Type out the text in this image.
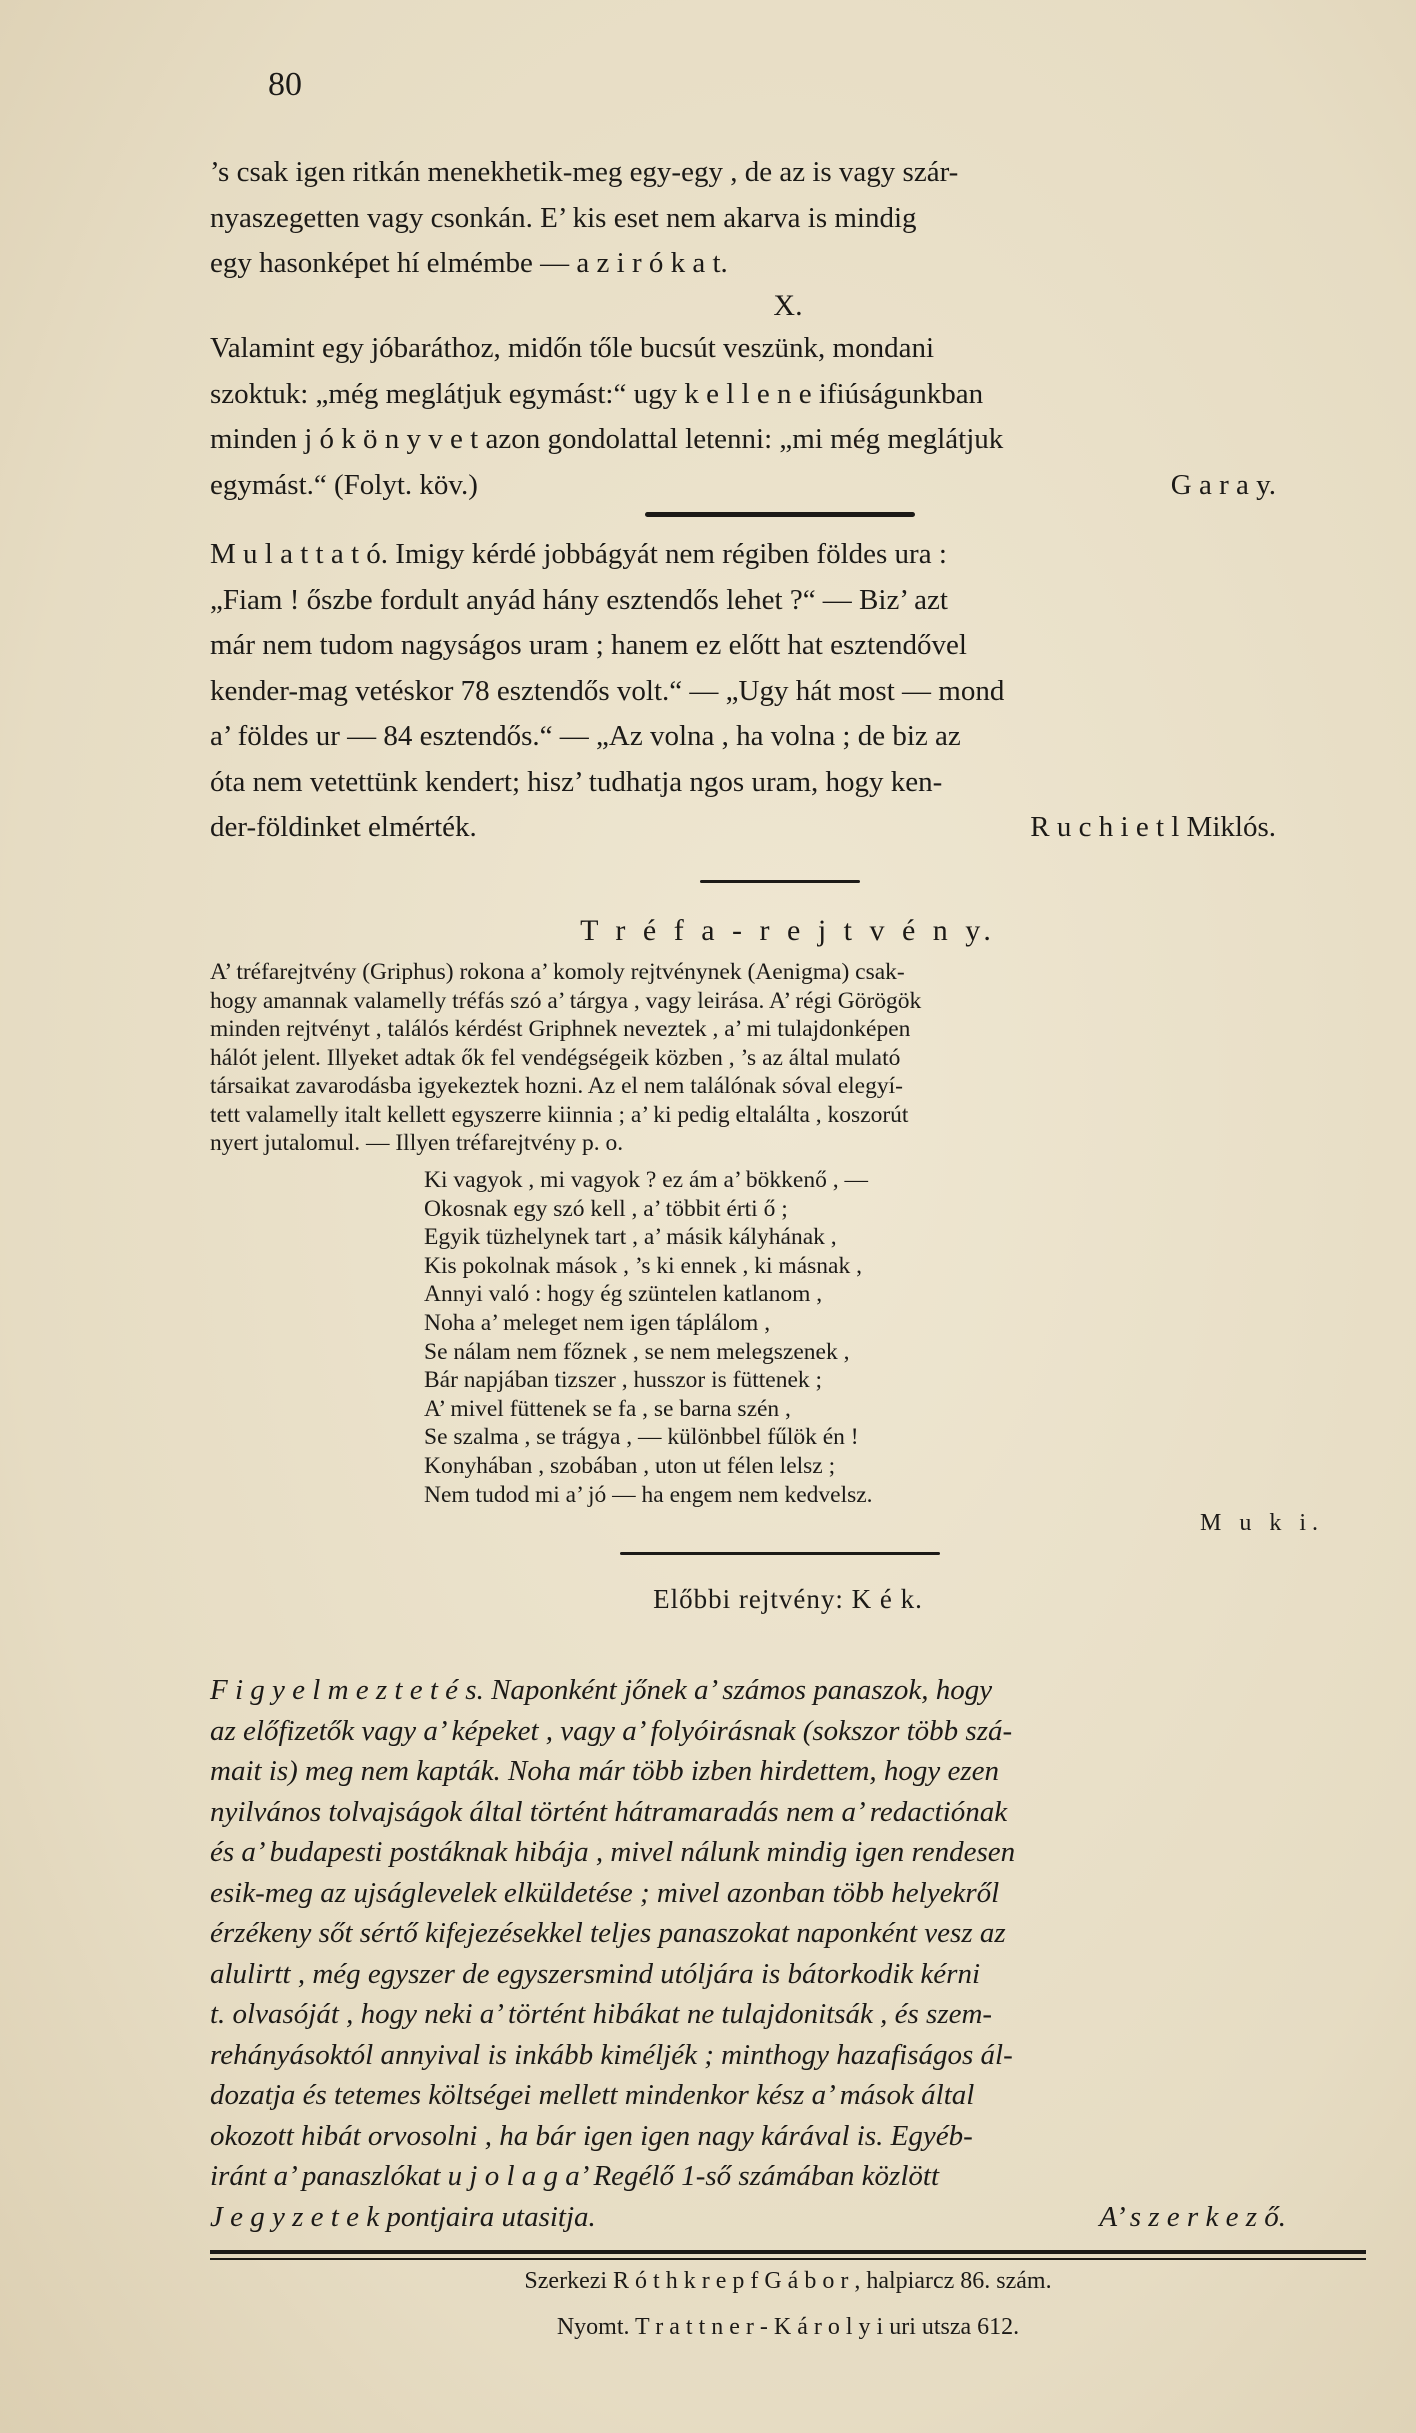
80

’s csak igen ritkán menekhetik-meg egy-egy , de az is vagy szár-

nyaszegetten vagy csonkán. E’ kis eset nem akarva is mindig

egy hasonképet hí elmémbe — a z i r ó k a t.

X.

Valamint egy jóbaráthoz, midőn tőle bucsút veszünk, mondani

szoktuk: „még meglátjuk egymást:“ ugy k e l l e n e ifiúságunkban

minden j ó k ö n y v e t azon gondolattal letenni: „mi még meglátjuk

egymást.“ (Folyt. köv.)	G a r a y.

M u l a t t a t ó. Imigy kérdé jobbágyát nem régiben földes ura :

„Fiam ! őszbe fordult anyád hány esztendős lehet ?“ — Biz’ azt

már nem tudom nagyságos uram ; hanem ez előtt hat esztendővel

kender-mag vetéskor 78 esztendős volt.“ — „Ugy hát most — mond

a’ földes ur — 84 esztendős.“ — „Az volna , ha volna ; de biz az

óta nem vetettünk kendert; hisz’ tudhatja ngos uram, hogy ken-

der-földinket elmérték.	R u c h i e t l Miklós.

T r é f a - r e j t v é n y.

A’ tréfarejtvény (Griphus) rokona a’ komoly rejtvénynek (Aenigma) csak-

hogy amannak valamelly tréfás szó a’ tárgya , vagy leirása. A’ régi Görögök

minden rejtvényt , találós kérdést Griphnek neveztek , a’ mi tulajdonképen

hálót jelent. Illyeket adtak ők fel vendégségeik közben , ’s az által mulató

társaikat zavarodásba igyekeztek hozni. Az el nem találónak sóval elegyí-

tett valamelly italt kellett egyszerre kiinnia ; a’ ki pedig eltalálta , koszorút

nyert jutalomul. — Illyen tréfarejtvény p. o.

Ki vagyok , mi vagyok ? ez ám a’ bökkenő , —
Okosnak egy szó kell , a’ többit érti ő ;
Egyik tüzhelynek tart , a’ másik kályhának ,
Kis pokolnak mások , ’s ki ennek , ki másnak ,
Annyi való : hogy ég szüntelen katlanom ,
Noha a’ meleget nem igen táplálom ,
Se nálam nem főznek , se nem melegszenek ,
Bár napjában tizszer , husszor is füttenek ;
A’ mivel füttenek se fa , se barna szén ,
Se szalma , se trágya , — különbbel fűlök én !
Konyhában , szobában , uton ut félen lelsz ;
Nem tudod mi a’ jó — ha engem nem kedvelsz.
M u k i.
Előbbi rejtvény: K é k.

F i g y e l m e z t e t é s. Naponként jőnek a’ számos panaszok, hogy

az előfizetők vagy a’ képeket , vagy a’ folyóirásnak (sokszor több szá-

mait is) meg nem kapták. Noha már több izben hirdettem, hogy ezen

nyilvános tolvajságok által történt hátramaradás nem a’ redactiónak

és a’ budapesti postáknak hibája , mivel nálunk mindig igen rendesen

esik-meg az ujságlevelek elküldetése ; mivel azonban több helyekről

érzékeny sőt sértő kifejezésekkel teljes panaszokat naponként vesz az

alulirtt , még egyszer de egyszersmind utóljára is bátorkodik kérni

t. olvasóját , hogy neki a’ történt hibákat ne tulajdonitsák , és szem-

rehányásoktól annyival is inkább kiméljék ; minthogy hazafiságos ál-

dozatja és tetemes költségei mellett mindenkor kész a’ mások által

okozott hibát orvosolni , ha bár igen igen nagy kárával is. Egyéb-

iránt a’ panaszlókat u j o l a g a’ Regélő 1-ső számában közlött

J e g y z e t e k pontjaira utasitja.	A’ s z e r k e z ő.

Szerkezi R ó t h k r e p f G á b o r , halpiarcz 86. szám.
Nyomt. T r a t t n e r - K á r o l y i uri utsza 612.
